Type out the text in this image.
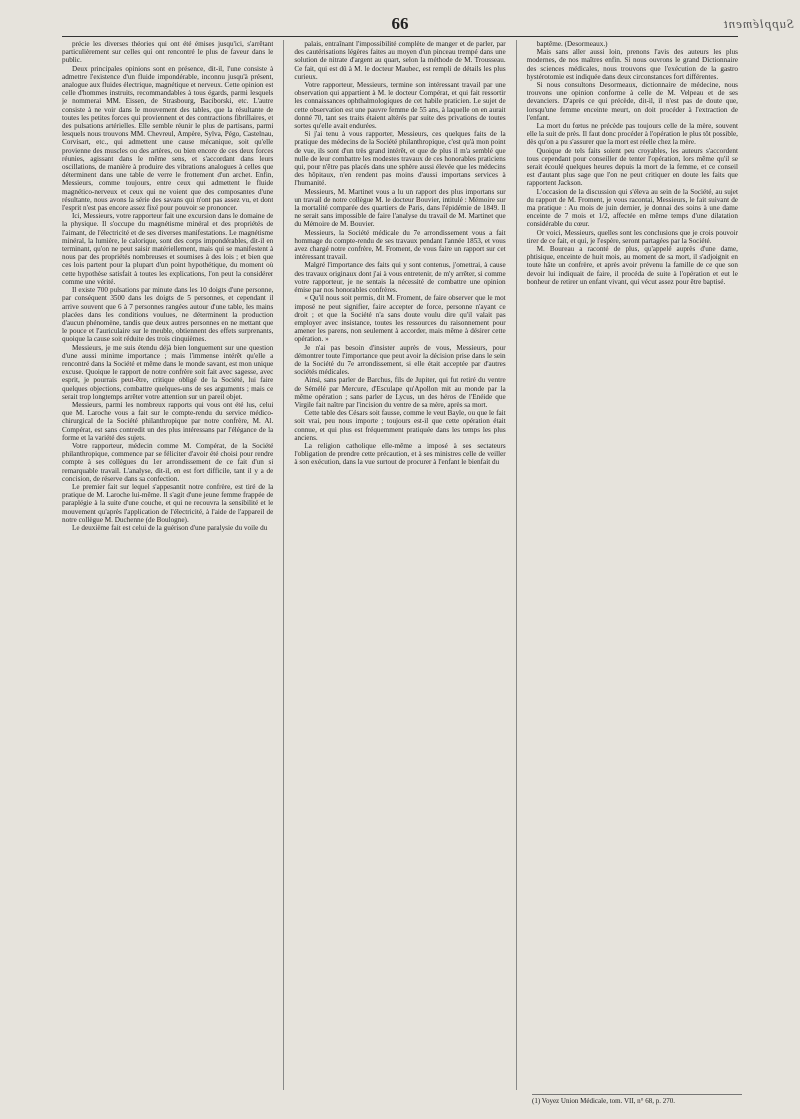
Supplément
66

précie les diverses théories qui ont été émises jusqu'ici, s'arrêtant particulièrement sur celles qui ont rencontré le plus de faveur dans le public.

Deux principales opinions sont en présence, dit-il, l'une consiste à admettre l'existence d'un fluide impondérable, inconnu jusqu'à présent, analogue aux fluides électrique, magnétique et nerveux. Cette opinion est celle d'hommes instruits, recommandables à tous égards, parmi lesquels je nommerai MM. Eissen, de Strasbourg, Baciborski, etc. L'autre consiste à ne voir dans le mouvement des tables, que la résultante de toutes les petites forces qui proviennent et des contractions fibrillaires, et des pulsations artérielles. Elle semble réunir le plus de partisans, parmi lesquels nous trouvons MM. Chevreul, Ampère, Sylva, Pégo, Castelnau, Corvisart, etc., qui admettent une cause mécanique, soit qu'elle provienne des muscles ou des artères, ou bien encore de ces deux forces réunies, agissant dans le même sens, et s'accordant dans leurs oscillations, de manière à produire des vibrations analogues à celles que déterminent dans une table de verre le frottement d'un archet. Enfin, Messieurs, comme toujours, entre ceux qui admettent le fluide magnético-nerveux et ceux qui ne voient que des composantes d'une résultante, nous avons la série des savans qui n'ont pas assez vu, et dont l'esprit n'est pas encore assez fixé pour pouvoir se prononcer.

Ici, Messieurs, votre rapporteur fait une excursion dans le domaine de la physique. Il s'occupe du magnétisme minéral et des propriétés de l'aimant, de l'électricité et de ses diverses manifestations. Le magnétisme minéral, la lumière, le calorique, sont des corps impondérables, dit-il en terminant, qu'on ne peut saisir matériellement, mais qui se manifestent à nous par des propriétés nombreuses et soumises à des lois ; et bien que ces lois partent pour la plupart d'un point hypothétique, du moment où cette hypothèse satisfait à toutes les explications, l'on peut la considérer comme une vérité.

Il existe 700 pulsations par minute dans les 10 doigts d'une personne, par conséquent 3500 dans les doigts de 5 personnes, et cependant il arrive souvent que 6 à 7 personnes rangées autour d'une table, les mains placées dans les conditions voulues, ne déterminent la production d'aucun phénomène, tandis que deux autres personnes en ne mettant que le pouce et l'auriculaire sur le meuble, obtiennent des effets surprenants, quoique la cause soit réduite des trois cinquièmes.

Messieurs, je me suis étendu déjà bien longuement sur une question d'une aussi minime importance ; mais l'immense intérêt qu'elle a rencontré dans la Société et même dans le monde savant, est mon unique excuse. Quoique le rapport de notre confrère soit fait avec sagesse, avec esprit, je pourrais peut-être, critique obligé de la Société, lui faire quelques objections, combattre quelques-uns de ses arguments ; mais ce serait trop longtemps arrêter votre attention sur un pareil objet.

Messieurs, parmi les nombreux rapports qui vous ont été lus, celui que M. Laroche vous a fait sur le compte-rendu du service médico-chirurgical de la Société philanthropique par notre confrère, M. Al. Compérat, est sans contredit un des plus intéressans par l'élégance de la forme et la variété des sujets.

Votre rapporteur, médecin comme M. Compérat, de la Société philanthropique, commence par se féliciter d'avoir été choisi pour rendre compte à ses collègues du 1er arrondissement de ce fait d'un si remarquable travail. L'analyse, dit-il, en est fort difficile, tant il y a de concision, de réserve dans sa confection.

Le premier fait sur lequel s'appesantit notre confrère, est tiré de la pratique de M. Laroche lui-même. Il s'agit d'une jeune femme frappée de paraplégie à la suite d'une couche, et qui ne recouvra la sensibilité et le mouvement qu'après l'application de l'électricité, à l'aide de l'appareil de notre collègue M. Duchenne (de Boulogne).

Le deuxième fait est celui de la guérison d'une paralysie du voile du

palais, entraînant l'impossibilité complète de manger et de parler, par des cautérisations légères faites au moyen d'un pinceau trempé dans une solution de nitrate d'argent au quart, selon la méthode de M. Trousseau. Ce fait, qui est dû à M. le docteur Maubec, est rempli de détails les plus curieux.

Votre rapporteur, Messieurs, termine son intéressant travail par une observation qui appartient à M. le docteur Compérat, et qui fait ressortir les connaissances ophthalmologiques de cet habile praticien. Le sujet de cette observation est une pauvre femme de 55 ans, à laquelle on en aurait donné 70, tant ses traits étaient altérés par suite des privations de toutes sortes qu'elle avait endurées.

Si j'ai tenu à vous rapporter, Messieurs, ces quelques faits de la pratique des médecins de la Société philanthropique, c'est qu'à mon point de vue, ils sont d'un très grand intérêt, et que de plus il m'a semblé que nulle de leur combattre les modestes travaux de ces honorables praticiens qui, pour n'être pas placés dans une sphère aussi élevée que les médecins des hôpitaux, n'en rendent pas moins d'aussi importans services à l'humanité.

Messieurs, M. Martinet vous a lu un rapport des plus importans sur un travail de notre collègue M. le docteur Bouvier, intitulé : Mémoire sur la mortalité comparée des quartiers de Paris, dans l'épidémie de 1849. Il ne serait sans impossible de faire l'analyse du travail de M. Martinet que du Mémoire de M. Bouvier.

Messieurs, la Société médicale du 7e arrondissement vous a fait hommage du compte-rendu de ses travaux pendant l'année 1853, et vous avez chargé notre confrère, M. Froment, de vous faire un rapport sur cet intéressant travail.

Malgré l'importance des faits qui y sont contenus, j'omettrai, à cause des travaux originaux dont j'ai à vous entretenir, de m'y arrêter, si comme votre rapporteur, je ne sentais la nécessité de combattre une opinion émise par nos honorables confrères.

« Qu'il nous soit permis, dit M. Froment, de faire observer que le mot imposé ne peut signifier, faire accepter de force, personne n'ayant ce droit ; et que la Société n'a sans doute voulu dire qu'il valait pas employer avec insistance, toutes les ressources du raisonnement pour amener les parens, non seulement à accorder, mais même à désirer cette opération. »

Je n'ai pas besoin d'insister auprès de vous, Messieurs, pour démontrer toute l'importance que peut avoir la décision prise dans le sein de la Société du 7e arrondissement, si elle était acceptée par d'autres sociétés médicales.

Ainsi, sans parler de Barchus, fils de Jupiter, qui fut retiré du ventre de Sémélé par Mercure, d'Esculape qu'Apollon mit au monde par la même opération ; sans parler de Lycus, un des héros de l'Enéide que Virgile fait naître par l'incision du ventre de sa mère, après sa mort.

Cette table des Césars soit fausse, comme le veut Bayle, ou que le fait soit vrai, peu nous importe ; toujours est-il que cette opération était connue, et qui plus est fréquemment pratiquée dans les temps les plus anciens.

La religion catholique elle-même a imposé à ses sectateurs l'obligation de prendre cette précaution, et à ses ministres celle de veiller à son exécution, dans la vue surtout de procurer à l'enfant le bienfait du

baptême. (Desormeaux.)

Mais sans aller aussi loin, prenons l'avis des auteurs les plus modernes, de nos maîtres enfin. Si nous ouvrons le grand Dictionnaire des sciences médicales, nous trouvons que l'exécution de la gastro hystérotomie est indiquée dans deux circonstances fort différentes.

Si nous consultons Desormeaux, dictionnaire de médecine, nous trouvons une opinion conforme à celle de M. Velpeau et de ses devanciers. D'après ce qui précède, dit-il, il n'est pas de doute que, lorsqu'une femme enceinte meurt, on doit procéder à l'extraction de l'enfant.

La mort du fœtus ne précède pas toujours celle de la mère, souvent elle la suit de près. Il faut donc procéder à l'opération le plus tôt possible, dès qu'on a pu s'assurer que la mort est réelle chez la mère.

Quoique de tels faits soient peu croyables, les auteurs s'accordent tous cependant pour conseiller de tenter l'opération, lors même qu'il se serait écoulé quelques heures depuis la mort de la femme, et ce conseil est d'autant plus sage que l'on ne peut critiquer en doute les faits que rapportent Jackson.

L'occasion de la discussion qui s'éleva au sein de la Société, au sujet du rapport de M. Froment, je vous racontai, Messieurs, le fait suivant de ma pratique : Au mois de juin dernier, je donnai des soins à une dame enceinte de 7 mois et 1/2, affectée en même temps d'une dilatation considérable du cœur.

Or voici, Messieurs, quelles sont les conclusions que je crois pouvoir tirer de ce fait, et qui, je l'espère, seront partagées par la Société.

M. Boureau a raconté de plus, qu'appelé auprès d'une dame, phtisique, enceinte de huit mois, au moment de sa mort, il s'adjoignit en toute hâte un confrère, et après avoir prévenu la famille de ce que son devoir lui indiquait de faire, il procéda de suite à l'opération et eut le bonheur de retirer un enfant vivant, qui vécut assez pour être baptisé.

(1) Voyez Union Médicale, tom. VII, n° 68, p. 270.
